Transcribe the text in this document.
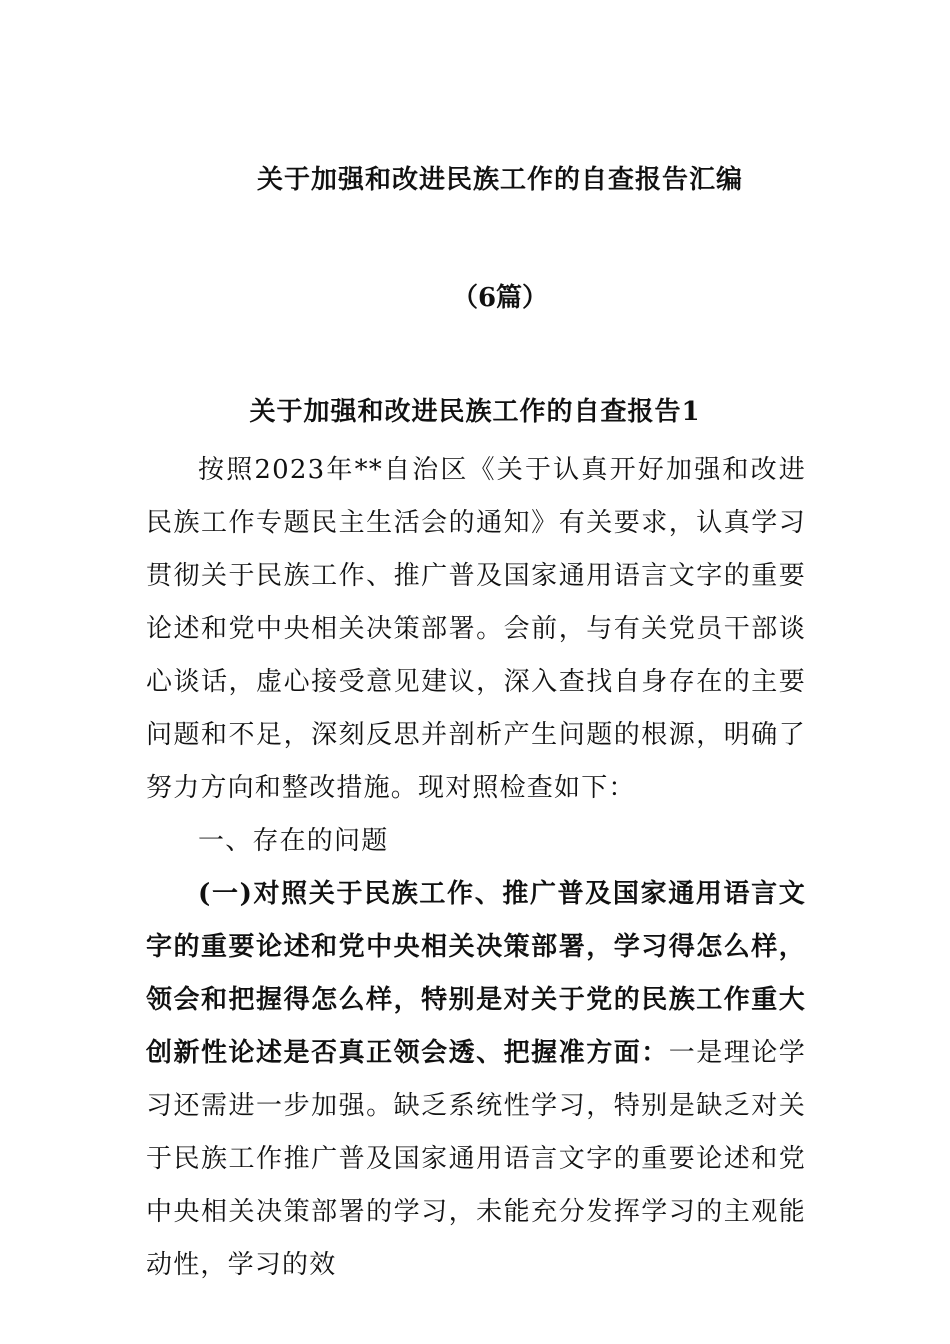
关于加强和改进民族工作的自查报告汇编
（6篇）
关于加强和改进民族工作的自查报告1

按照2023年**自治区《关于认真开好加强和改进民族工作专题民主生活会的通知》有关要求，认真学习贯彻关于民族工作、推广普及国家通用语言文字的重要论述和党中央相关决策部署。会前，与有关党员干部谈心谈话，虚心接受意见建议，深入查找自身存在的主要问题和不足，深刻反思并剖析产生问题的根源，明确了努力方向和整改措施。现对照检查如下：

一、存在的问题

(一)对照关于民族工作、推广普及国家通用语言文字的重要论述和党中央相关决策部署，学习得怎么样，领会和把握得怎么样，特别是对关于党的民族工作重大创新性论述是否真正领会透、把握准方面：一是理论学习还需进一步加强。缺乏系统性学习，特别是缺乏对关于民族工作推广普及国家通用语言文字的重要论述和党中央相关决策部署的学习，未能充分发挥学习的主观能动性，学习的效
